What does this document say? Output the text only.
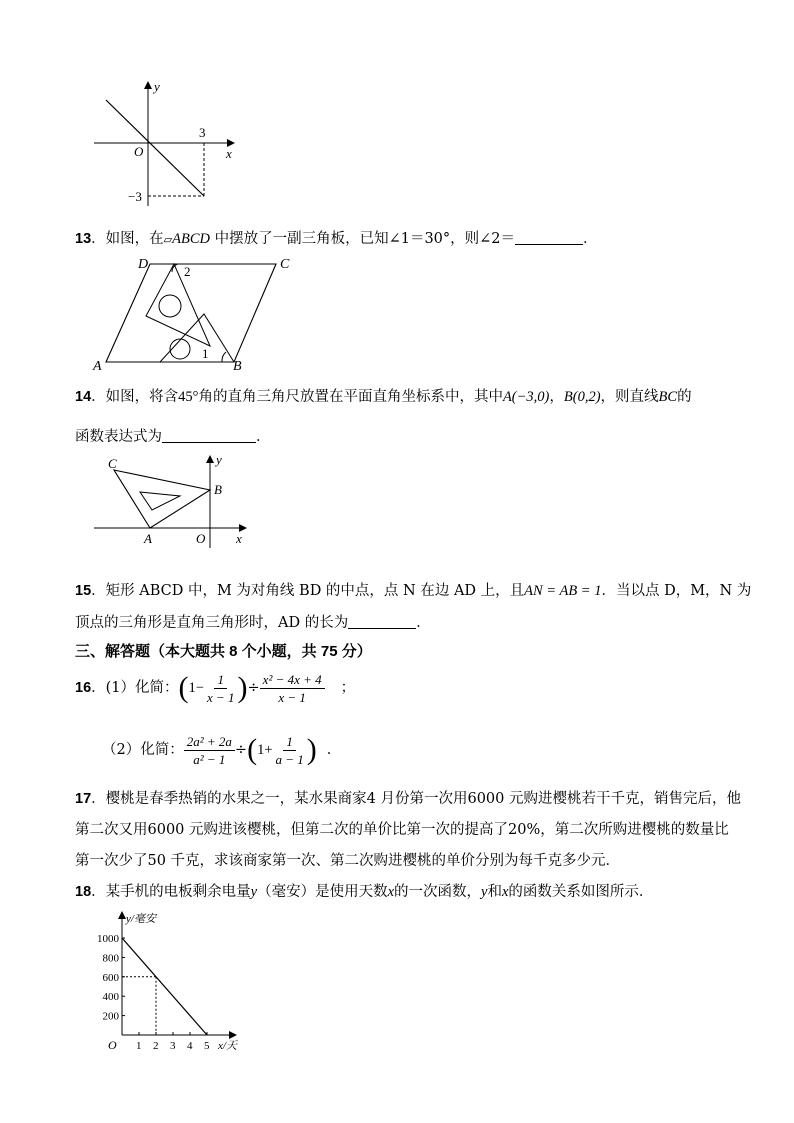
y
x
O
3
−3
13．如图，在▱ABCD 中摆放了一副三角板，已知∠1＝30°，则∠2＝	．
D	C
A	B
1
2
14．如图，将含45°角的直角三角尺放置在平面直角坐标系中，其中A(−3,0)，B(0,2)，则直线BC的
函数表达式为	．
C	y
B
A	O x
15．矩形 ABCD 中，M 为对角线 BD 的中点，点 N 在边 AD 上，且AN = AB = 1．当以点 D，M，N 为
顶点的三角形是直角三角形时，AD 的长为	．
三、解答题（本大题共 8 个小题，共 75 分）
16 ．(1）化简： ( $1- \frac{1}{x - 1}$ ) ÷ $\frac{\text{x² − 4x + 4}}{x - 1}$ ；
（2）化简： $\frac{\text{2a² + 2a}}{\text{a² − 1}}$ ÷ ( $1+ \frac{1}{a - 1}$ ) ．
17．樱桃是春季热销的水果之一，某水果商家4 月份第一次用6000 元购进樱桃若干千克，销售完后，他
第二次又用6000 元购进该樱桃，但第二次的单价比第一次的提高了20%，第二次所购进樱桃的数量比
第一次少了50 千克，求该商家第一次、第二次购进樱桃的单价分别为每千克多少元．
18．某手机的电板剩余电量y（毫安）是使用天数x的一次函数，y和x的函数关系如图所示．
y/毫安
x/天
O 1 2 3 4 5
200
400
600
800
1000
